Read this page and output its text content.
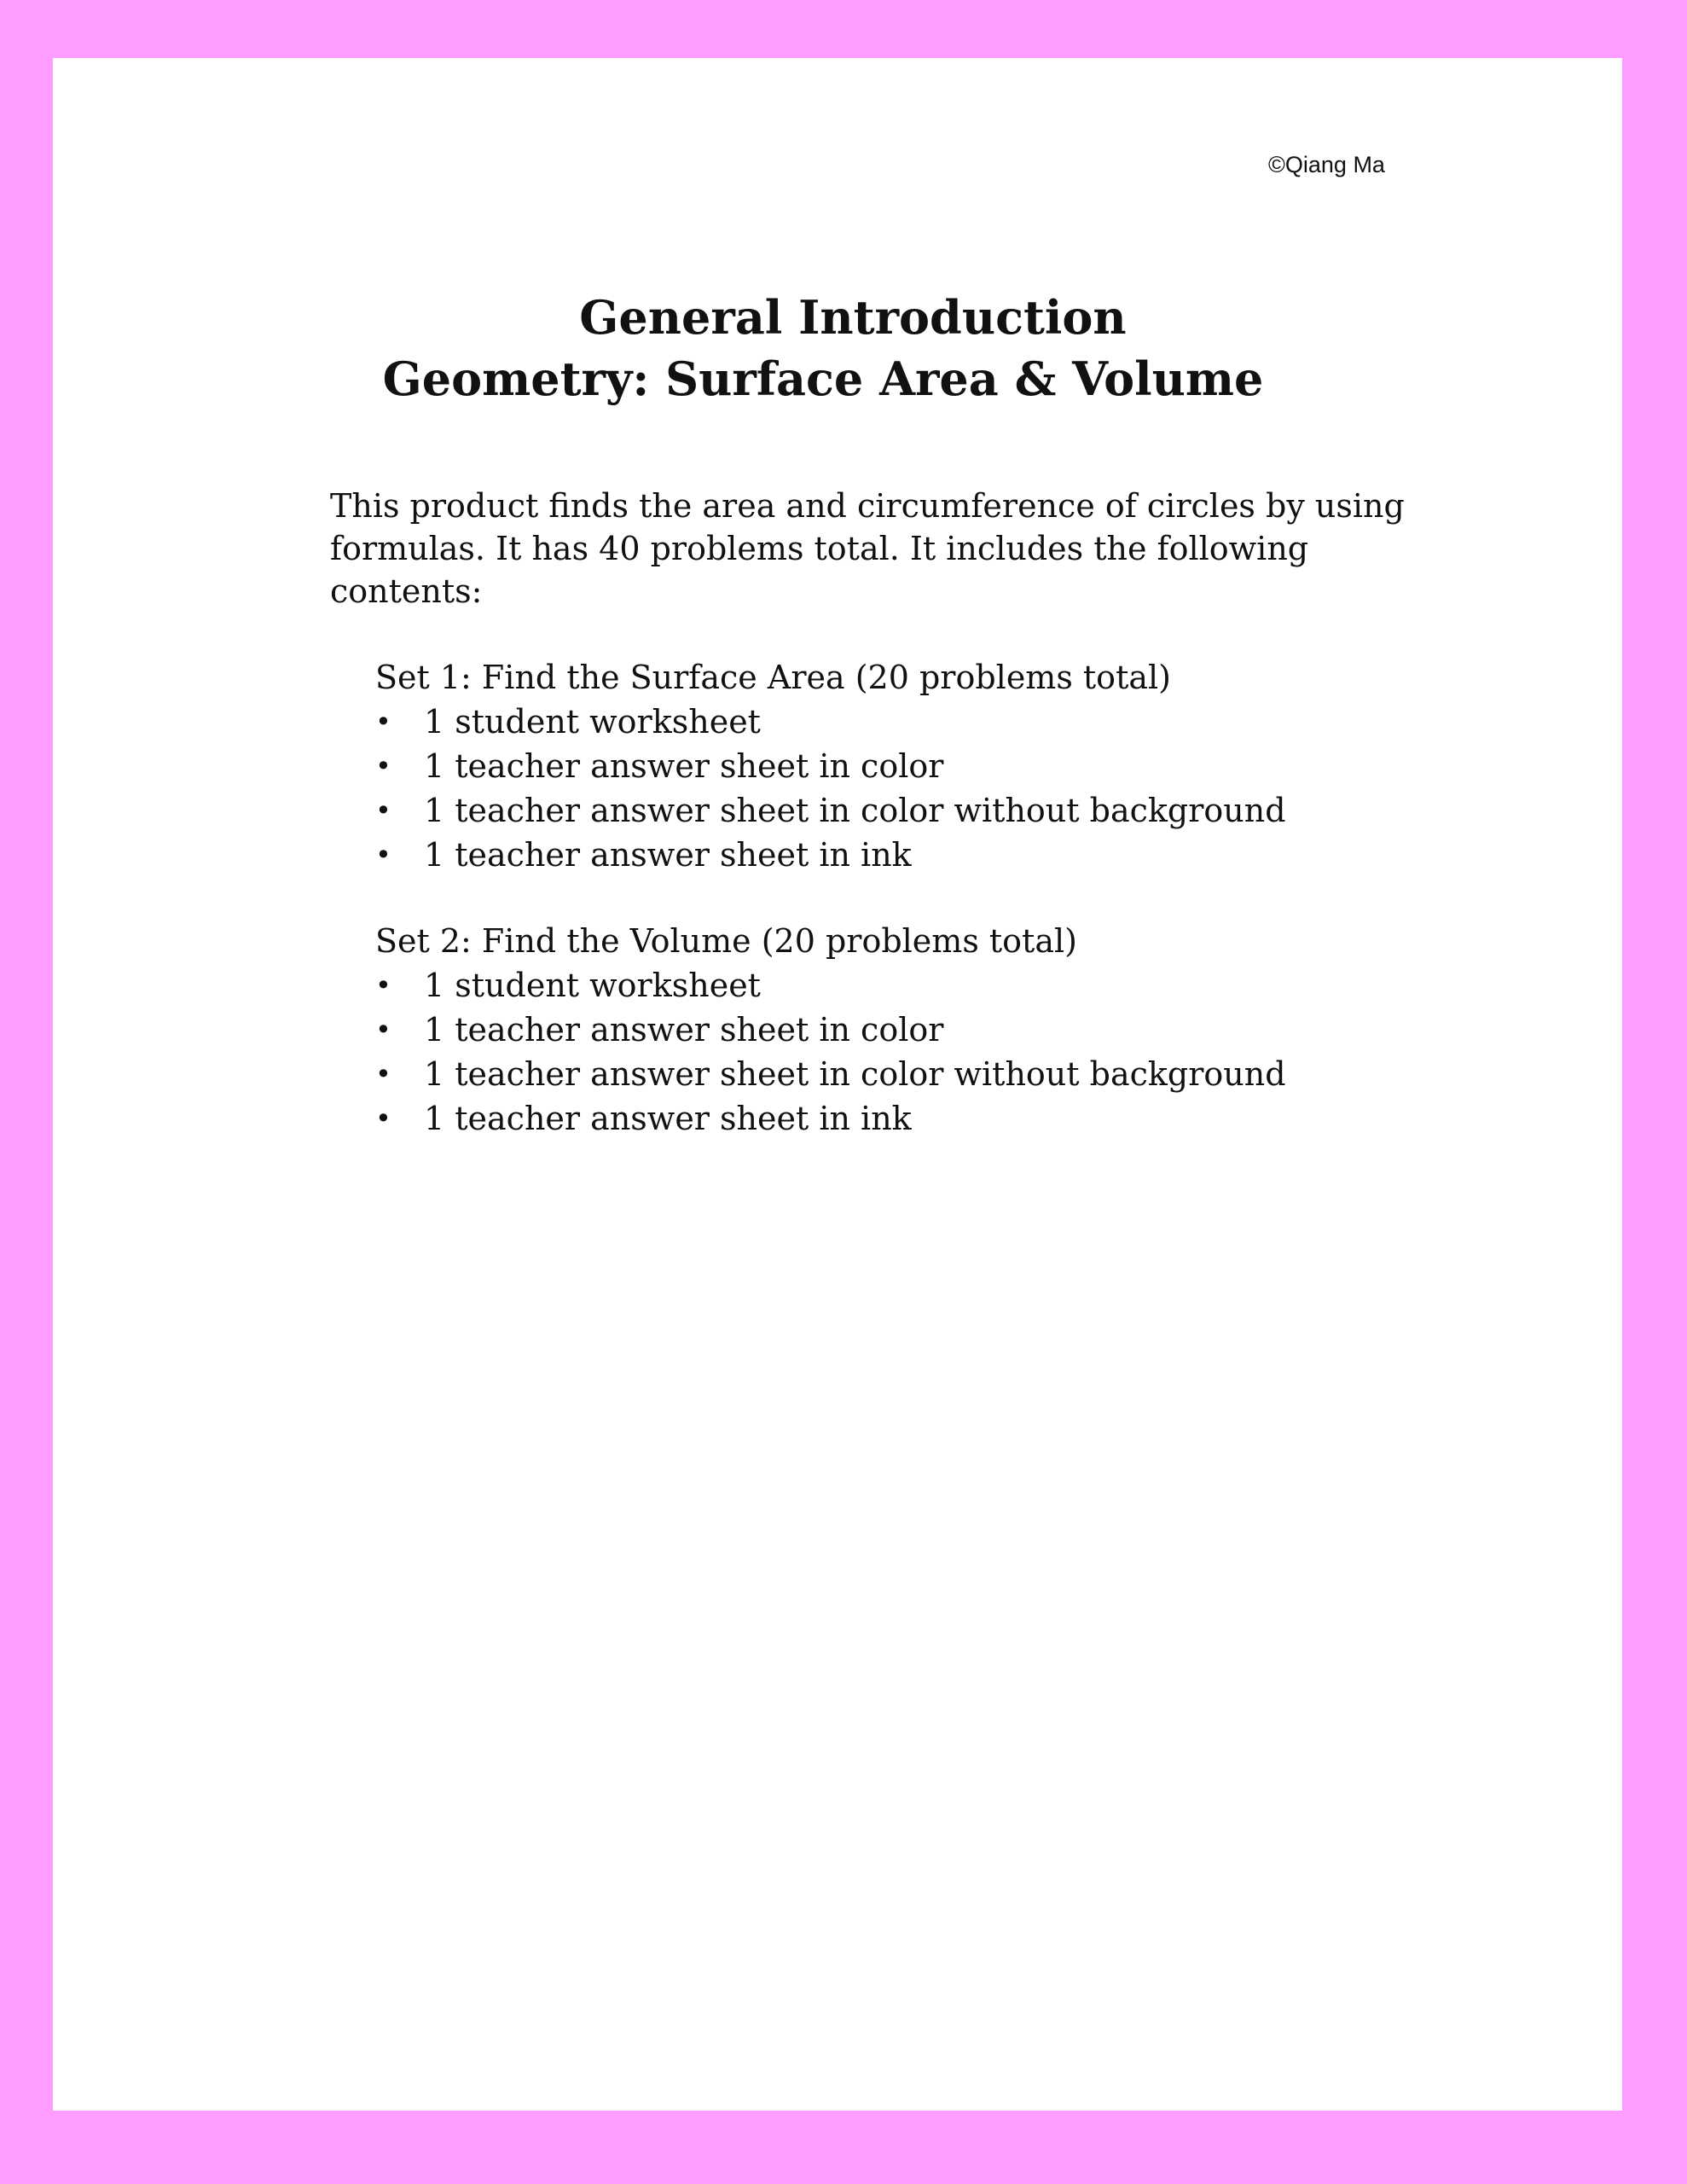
©Qiang Ma
General Introduction
Geometry: Surface Area & Volume

This product finds the area and circumference of circles by using formulas. It has 40 problems total. It includes the following contents:

Set 1: Find the Surface Area (20 problems total)
• 1 student worksheet
• 1 teacher answer sheet in color
• 1 teacher answer sheet in color without background
• 1 teacher answer sheet in ink
Set 2: Find the Volume (20 problems total)
• 1 student worksheet
• 1 teacher answer sheet in color
• 1 teacher answer sheet in color without background
• 1 teacher answer sheet in ink
